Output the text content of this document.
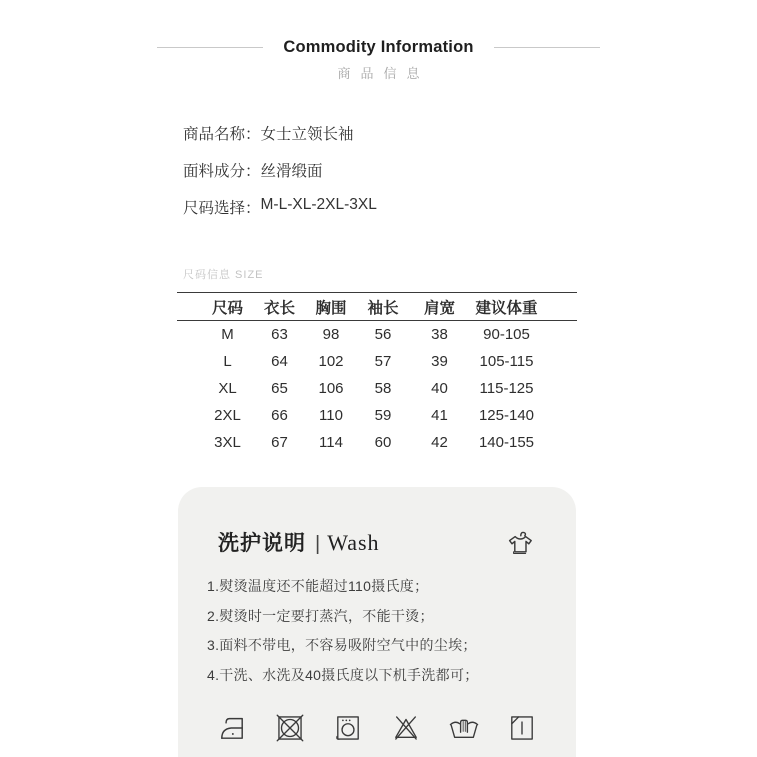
Commodity Information
商品信息
商品名称： 女士立领长袖
面料成分： 丝滑缎面
尺码选择： M-L-XL-2XL-3XL
尺码信息 SIZE
尺码	衣长	胸围	袖长	肩宽	建议体重
M	63	98	56	38	90-105
L	64	102	57	39	105-115
XL	65	106	58	40	115-125
2XL	66	110	59	41	125-140
3XL	67	114	60	42	140-155
洗护说明 | Wash
1.熨烫温度还不能超过110摄氏度；
2.熨烫时一定要打蒸汽，不能干烫；
3.面料不带电，不容易吸附空气中的尘埃；
4.干洗、水洗及40摄氏度以下机手洗都可；
